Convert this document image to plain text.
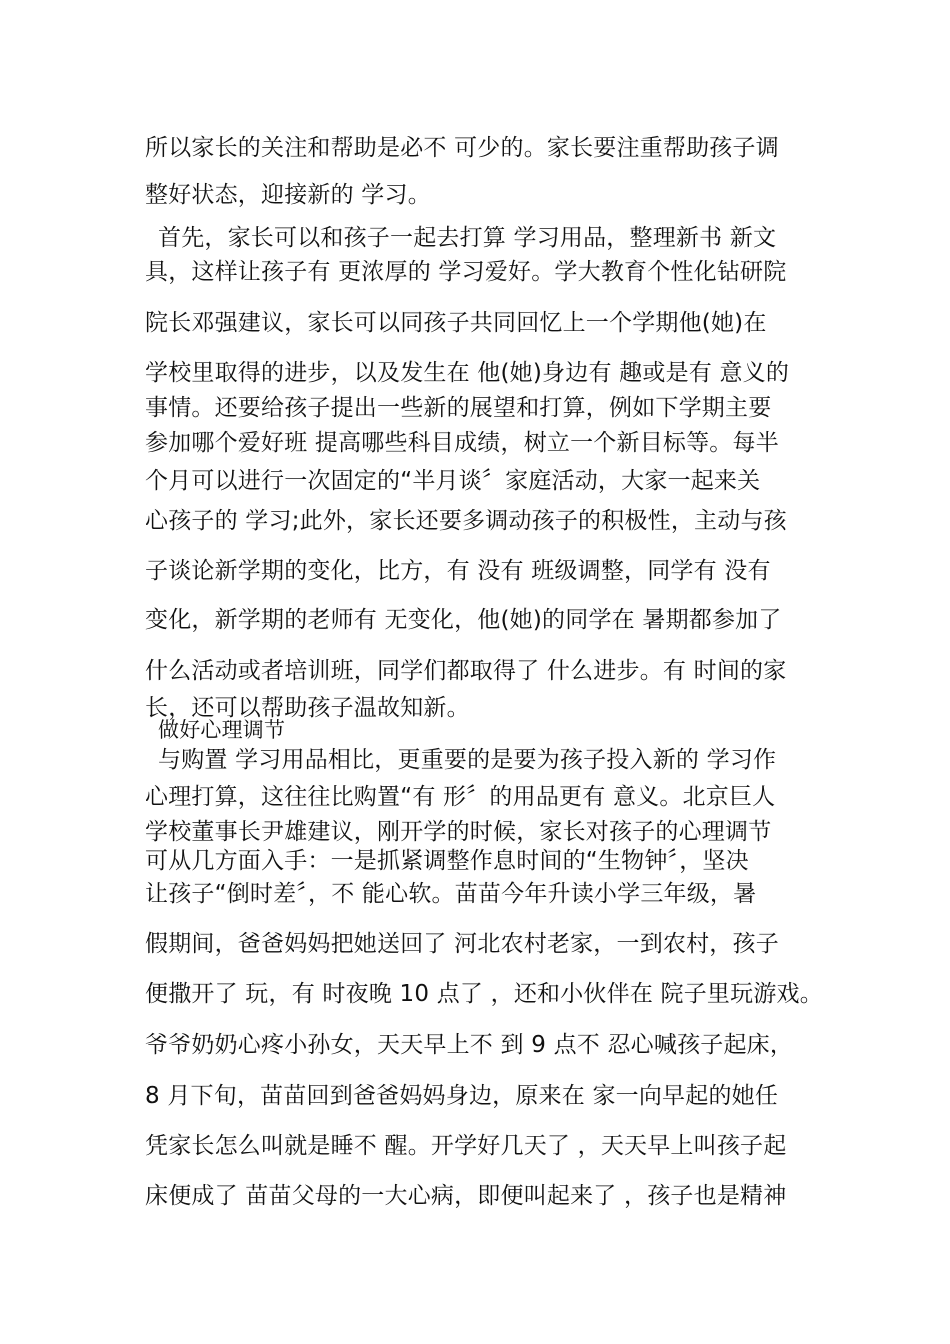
所以家长的关注和帮助是必不 可少的。家长要注重帮助孩子调

整好状态，迎接新的 学习。

首先，家长可以和孩子一起去打算 学习用品，整理新书 新文

具，这样让孩子有 更浓厚的 学习爱好。学大教育个性化钻研院

院长邓强建议，家长可以同孩子共同回忆上一个学期他(她)在

学校里取得的进步，以及发生在 他(她)身边有 趣或是有 意义的

事情。还要给孩子提出一些新的展望和打算，例如下学期主要

参加哪个爱好班 提高哪些科目成绩，树立一个新目标等。每半

个月可以进行一次固定的“半月谈〞家庭活动，大家一起来关

心孩子的 学习;此外，家长还要多调动孩子的积极性，主动与孩

子谈论新学期的变化，比方，有 没有 班级调整，同学有 没有

变化，新学期的老师有 无变化，他(她)的同学在 暑期都参加了

什么活动或者培训班，同学们都取得了 什么进步。有 时间的家

长，还可以帮助孩子温故知新。

做好心理调节

与购置 学习用品相比，更重要的是要为孩子投入新的 学习作

心理打算，这往往比购置“有 形〞的用品更有 意义。北京巨人

学校董事长尹雄建议，刚开学的时候，家长对孩子的心理调节

可从几方面入手：一是抓紧调整作息时间的“生物钟〞，坚决

让孩子“倒时差〞，不 能心软。苗苗今年升读小学三年级，暑

假期间，爸爸妈妈把她送回了 河北农村老家，一到农村，孩子

便撒开了 玩，有 时夜晚 10 点了 ，还和小伙伴在 院子里玩游戏。

爷爷奶奶心疼小孙女，天天早上不 到 9 点不 忍心喊孩子起床，

8 月下旬，苗苗回到爸爸妈妈身边，原来在 家一向早起的她任

凭家长怎么叫就是睡不 醒。开学好几天了 ，天天早上叫孩子起

床便成了 苗苗父母的一大心病，即便叫起来了 ，孩子也是精神
